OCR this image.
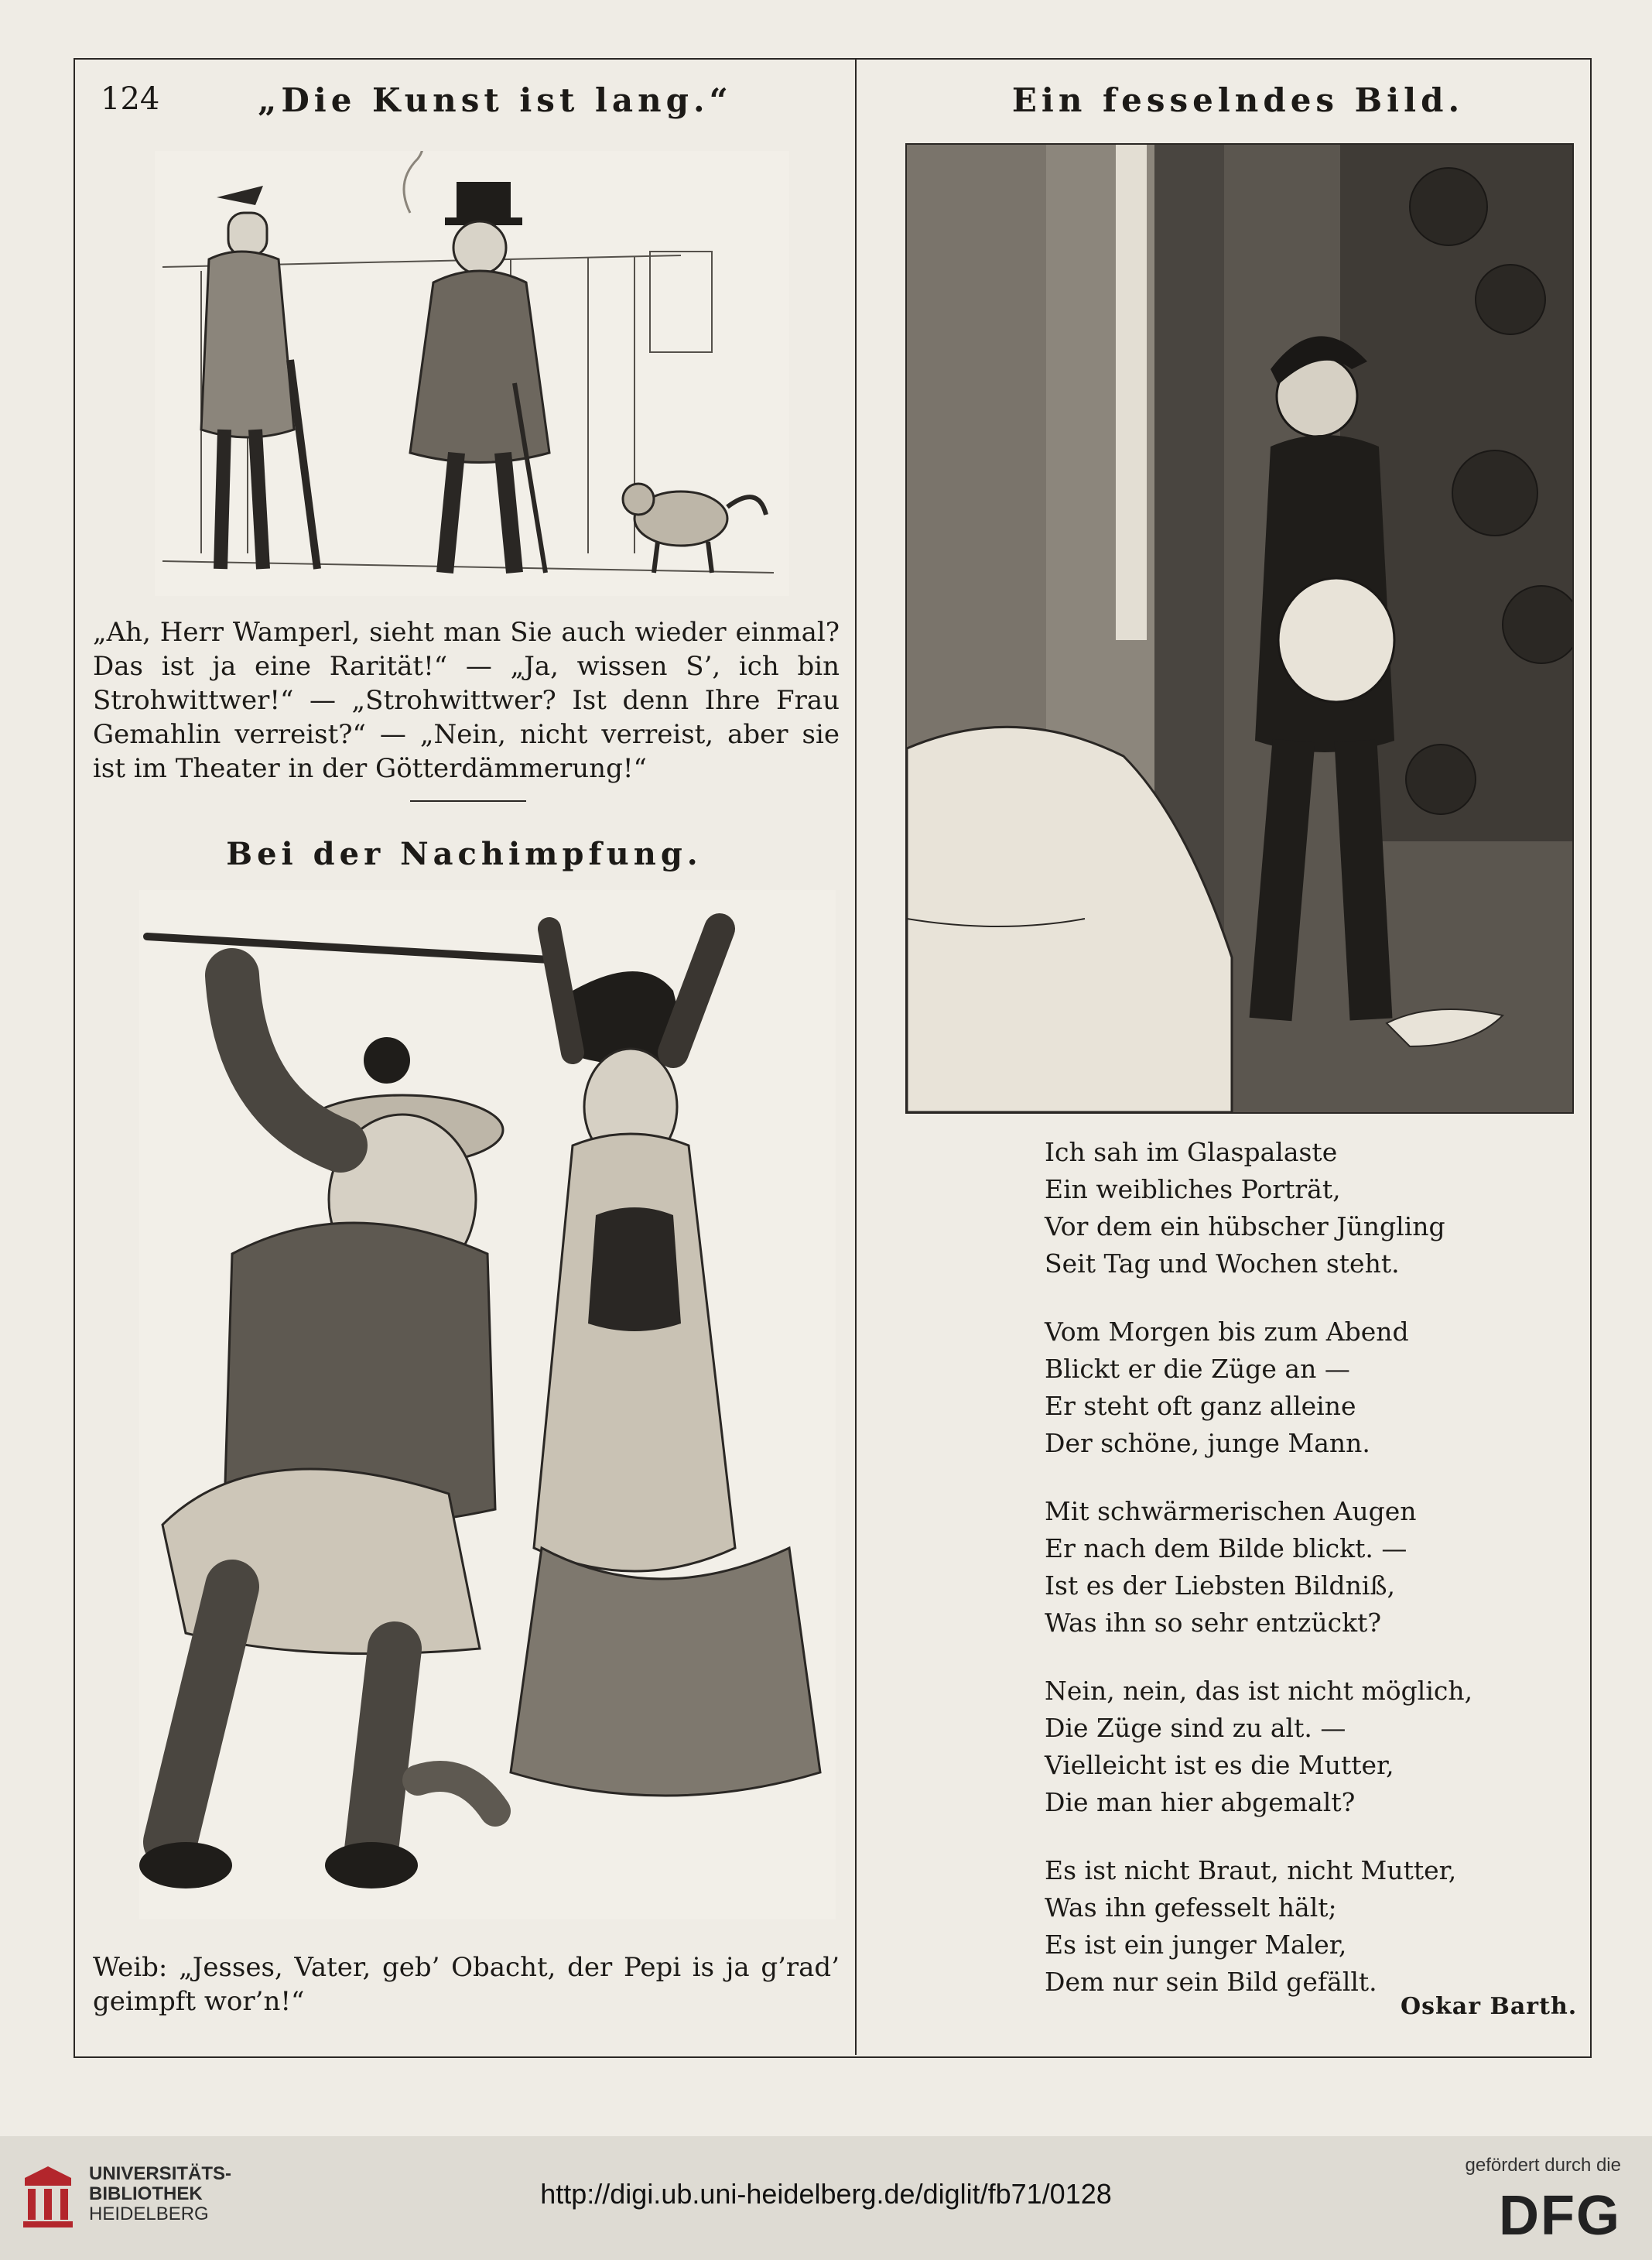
124	„Die Kunst ist lang.“	Ein fesselndes Bild.

„Ah, Herr Wamperl, sieht man Sie auch wieder einmal? Das ist ja eine Rarität!“ — „Ja, wissen S’, ich bin Strohwittwer!“ — „Strohwittwer? Ist denn Ihre Frau Gemahlin verreist?“ — „Nein, nicht verreist, aber sie ist im Theater in der Götterdämmerung!“

Bei der Nachimpfung.

Weib: „Jesses, Vater, geb’ Obacht, der Pepi is ja g’rad’ geimpft wor’n!“

Ich sah im Glaspalaste
Ein weibliches Porträt,
Vor dem ein hübscher Jüngling
Seit Tag und Wochen steht.
Vom Morgen bis zum Abend
Blickt er die Züge an —
Er steht oft ganz alleine
Der schöne, junge Mann.
Mit schwärmerischen Augen
Er nach dem Bilde blickt. —
Ist es der Liebsten Bildniß,
Was ihn so sehr entzückt?
Nein, nein, das ist nicht möglich,
Die Züge sind zu alt. —
Vielleicht ist es die Mutter,
Die man hier abgemalt?
Es ist nicht Braut, nicht Mutter,
Was ihn gefesselt hält;
Es ist ein junger Maler,
Dem nur sein Bild gefällt.
Oskar Barth.
UNIVERSITÄTS-
BIBLIOTHEK
HEIDELBERG
http://digi.ub.uni-heidelberg.de/diglit/fb71/0128
gefördert durch die
DFG
